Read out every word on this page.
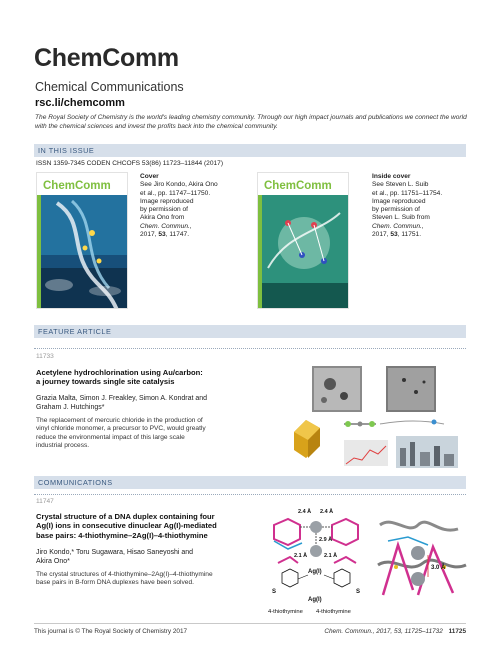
ChemComm
Chemical Communications
rsc.li/chemcomm
The Royal Society of Chemistry is the world's leading chemistry community. Through our high impact journals and publications we connect the world with the chemical sciences and invest the profits back into the chemical community.
IN THIS ISSUE
ISSN 1359-7345 CODEN CHCOFS 53(86) 11723–11844 (2017)
ChemComm
Cover
See Jiro Kondo, Akira Ono
et al., pp. 11747–11750.
Image reproduced
by permission of
Akira Ono from
Chem. Commun.,
2017, 53, 11747.
ChemComm
Inside cover
See Steven L. Suib
et al., pp. 11751–11754.
Image reproduced
by permission of
Steven L. Suib from
Chem. Commun.,
2017, 53, 11751.
FEATURE ARTICLE
11733
Acetylene hydrochlorination using Au/carbon:
a journey towards single site catalysis
Grazia Malta, Simon J. Freakley, Simon A. Kondrat and
Graham J. Hutchings*
The replacement of mercuric chloride in the production of
vinyl chloride monomer, a precursor to PVC, would greatly
reduce the environmental impact of this large scale
industrial process.
COMMUNICATIONS
11747
Crystal structure of a DNA duplex containing four
Ag(I) ions in consecutive dinuclear Ag(I)-mediated
base pairs: 4-thiothymine–2Ag(I)–4-thiothymine
Jiro Kondo,* Toru Sugawara, Hisao Saneyoshi and
Akira Ono*
The crystal structures of 4-thiothymine–2Ag(I)–4-thiothymine
base pairs in B-form DNA duplexes have been solved.
2.4 Å 2.4 Å
2.9 Å
2.1 Å	2.1 Å
Ag(I)
Ag(I)
S	S
4-thiothymine 4-thiothymine
3.0 Å
This journal is © The Royal Society of Chemistry 2017	Chem. Commun., 2017, 53, 11725–11732 11725
